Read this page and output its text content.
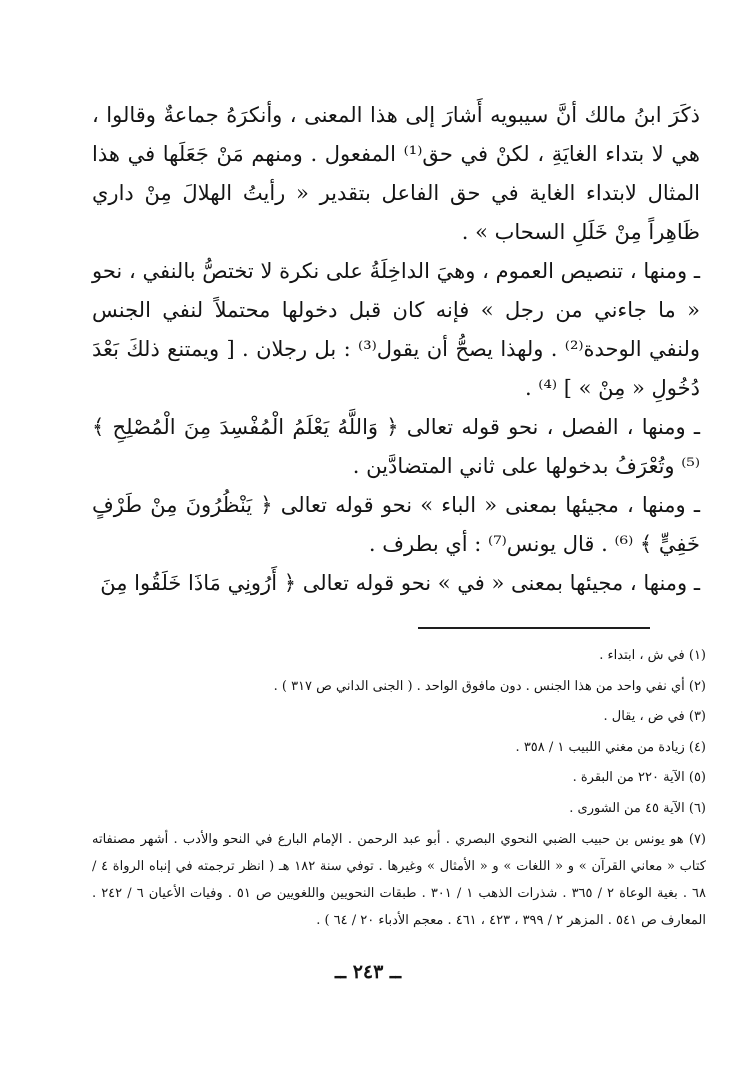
ذكَرَ ابنُ مالك أنَّ سيبويه أَشارَ إلى هذا المعنى ، وأنكرَهُ جماعةٌ وقالوا ، هي لا بتداء الغايَةِ ، لكنْ في حق⁽¹⁾ المفعول . ومنهم مَنْ جَعَلَها في هذا المثال لابتداء الغاية في حق الفاعل بتقدير « رأيتُ الهلالَ مِنْ داري ظَاهِراً مِنْ خَلَلِ السحاب » .

ـ ومنها ، تنصيص العموم ، وهيَ الداخِلَةُ على نكرة لا تختصُّ بالنفي ، نحو « ما جاءني من رجل » فإنه كان قبل دخولها محتملاً لنفي الجنس ولنفي الوحدة⁽²⁾ . ولهذا يصحُّ أن يقول⁽³⁾ : بل رجلان . [ ويمتنع ذلكَ بَعْدَ دُخُولِ « مِنْ » ] ⁽⁴⁾ .

ـ ومنها ، الفصل ، نحو قوله تعالى ﴿ وَاللَّهُ يَعْلَمُ الْمُفْسِدَ مِنَ الْمُصْلِحِ ﴾ ⁽⁵⁾ وتُعْرَفُ بدخولها على ثاني المتضادَّين .

ـ ومنها ، مجيئها بمعنى « الباء » نحو قوله تعالى ﴿ يَنْظُرُونَ مِنْ طَرْفٍ خَفِيٍّ ﴾ ⁽⁶⁾ . قال يونس⁽⁷⁾ : أي بطرف .

ـ ومنها ، مجيئها بمعنى « في » نحو قوله تعالى ﴿ أَرُونِي مَاذَا خَلَقُوا مِنَ

(١) في ش ، ابتداء .

(٢) أي نفي واحد من هذا الجنس . دون مافوق الواحد . ( الجنى الداني ص ٣١٧ ) .

(٣) في ض ، يقال .

(٤) زيادة من مغني اللبيب ١ / ٣٥٨ .

(٥) الآية ٢٢٠ من البقرة .

(٦) الآية ٤٥ من الشورى .

(٧) هو يونس بن حبيب الضبي النحوي البصري . أبو عبد الرحمن . الإمام البارع في النحو والأدب . أشهر مصنفاته كتاب « معاني القرآن » و « اللغات » و « الأمثال » وغيرها . توفي سنة ١٨٢ هـ ( انظر ترجمته في إنباه الرواة ٤ / ٦٨ . بغية الوعاة ٢ / ٣٦٥ . شذرات الذهب ١ / ٣٠١ . طبقات النحويين واللغويين ص ٥١ . وفيات الأعيان ٦ / ٢٤٢ . المعارف ص ٥٤١ . المزهر ٢ / ٣٩٩ ، ٤٢٣ ، ٤٦١ . معجم الأدباء ٢٠ / ٦٤ ) .

ــ ٢٤٣ ــ
